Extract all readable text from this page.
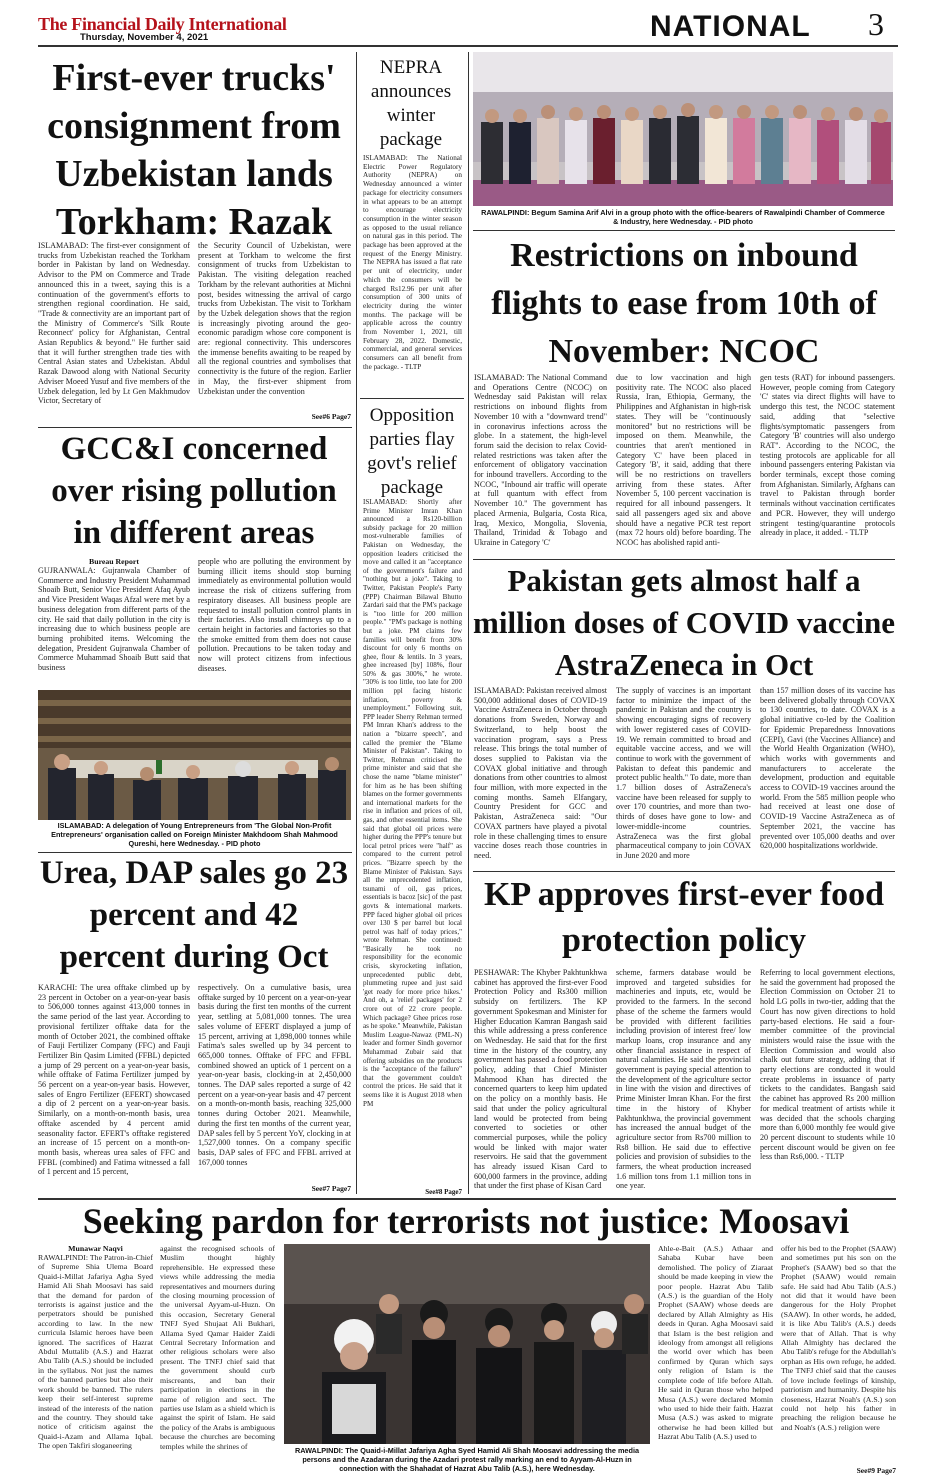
The Financial Daily International
Thursday, November 4, 2021	NATIONAL 3
First-ever trucks' consignment from Uzbekistan lands Torkham: Razak
ISLAMABAD: The first-ever consignment of trucks from Uzbekistan reached the Torkham border in Pakistan by land on Wednesday. Advisor to the PM on Commerce and Trade announced this in a tweet, saying this is a continuation of the government's efforts to strengthen regional coordination. He said, "Trade & connectivity are an important part of the Ministry of Commerce's 'Silk Route Reconnect' policy for Afghanistan, Central Asian Republics & beyond." He further said that it will further strengthen trade ties with Central Asian states and Uzbekistan. Abdul Razak Dawood along with National Security Adviser Moeed Yusuf and five members of the Uzbek delegation, led by Lt Gen Makhmudov Victor, Secretary of
the Security Council of Uzbekistan, were present at Torkham to welcome the first consignment of trucks from Uzbekistan to Pakistan. The visiting delegation reached Torkham by the relevant authorities at Michni post, besides witnessing the arrival of cargo trucks from Uzbekistan. The visit to Torkham by the Uzbek delegation shows that the region is increasingly pivoting around the geo-economic paradigm whose core component is are: regional connectivity. This underscores the immense benefits awaiting to be reaped by all the regional countries and symbolises that connectivity is the future of the region. Earlier in May, the first-ever shipment from Uzbekistan under the convention
See#6 Page7
NEPRA announces winter package
ISLAMABAD: The National Electric Power Regulatory Authority (NEPRA) on Wednesday announced a winter package for electricity consumers in what appears to be an attempt to encourage electricity consumption in the winter season as opposed to the usual reliance on natural gas in this period. The package has been approved at the request of the Energy Ministry. The NEPRA has issued a flat rate per unit of electricity, under which the consumers will be charged Rs12.96 per unit after consumption of 300 units of electricity during the winter months. The package will be applicable across the country from November 1, 2021, till February 28, 2022. Domestic, commercial, and general services consumers can all benefit from the package. - TLTP
Opposition parties flay govt's relief package
ISLAMABAD: Shortly after Prime Minister Imran Khan announced a Rs120-billion subsidy package for 20 million most-vulnerable families of Pakistan on Wednesday, the opposition leaders criticised the move and called it an "acceptance of the government's failure and "nothing but a joke". Taking to Twitter, Pakistan People's Party (PPP) Chairman Bilawal Bhutto Zardari said that the PM's package is "too little for 200 million people." "PM's package is nothing but a joke. PM claims few families will benefit from 30% discount for only 6 months on ghee, flour & lentils. In 3 years, ghee increased [by] 108%, flour 50% & gas 300%," he wrote. "30% is too little, too late for 200 million ppl facing historic inflation, poverty & unemployment." Following suit, PPP leader Sherry Rehman termed PM Imran Khan's address to the nation a "bizarre speech", and called the premier the "Blame Minister of Pakistan". Taking to Twitter, Rehman criticised the prime minister and said that she chose the name "blame minister" for him as he has been shifting blames on the former governments and international markets for the rise in inflation and prices of oil, gas, and other essential items. She said that global oil prices were higher during the PPP's tenure but local petrol prices were "half" as compared to the current petrol prices. "Bizarre speech by the Blame Minister of Pakistan. Says all the unprecedented inflation, tsunami of oil, gas prices, essentials is bacoz [sic] of the past govts & international markets. PPP faced higher global oil prices over 130 $ per barrel but local petrol was half of today prices," wrote Rehman. She continued: "Basically he took no responsibility for the economic crisis, skyrocketing inflation, unprecedented public debt, plummeting rupee and just said 'get ready for more price hikes.' And oh, a 'relief packages' for 2 crore out of 22 crore people. Which package? Ghee prices rose as he spoke." Meanwhile, Pakistan Muslim League-Nawaz (PML-N) leader and former Sindh governor Muhammad Zubair said that offering subsidies on the products is the "acceptance of the failure" that the government couldn't control the prices. He said that it seems like it is August 2018 when PM
See#8 Page7
GCC&I concerned over rising pollution in different areas
Bureau Report
GUJRANWALA: Gujranwala Chamber of Commerce and Industry President Muhammad Shoaib Butt, Senior Vice President Afaq Ayub and Vice President Waqas Afzal were met by a business delegation from different parts of the city. He said that daily pollution in the city is increasing due to which business people are burning prohibited items. Welcoming the delegation, President Gujranwala Chamber of Commerce Muhammad Shoaib Butt said that business
people who are polluting the environment by burning illicit items should stop burning immediately as environmental pollution would increase the risk of citizens suffering from respiratory diseases. All business people are requested to install pollution control plants in their factories. Also install chimneys up to a certain height in factories and factories so that the smoke emitted from them does not cause pollution. Precautions to be taken today and now will protect citizens from infectious diseases.
ISLAMABAD: A delegation of Young Entrepreneurs from 'The Global Non-Profit Entrepreneurs' organisation called on Foreign Minister Makhdoom Shah Mahmood Qureshi, here Wednesday. - PID photo
Urea, DAP sales go 23 percent and 42 percent during Oct
KARACHI: The urea offtake climbed up by 23 percent in October on a year-on-year basis to 506,000 tonnes against 413,000 tonnes in the same period of the last year. According to provisional fertilizer offtake data for the month of October 2021, the combined offtake of Fauji Fertilizer Company (FFC) and Fauji Fertilizer Bin Qasim Limited (FFBL) depicted a jump of 29 percent on a year-on-year basis, while offtake of Fatima Fertilizer jumped by 56 percent on a year-on-year basis. However, sales of Engro Fertilizer (EFERT) showcased a dip of 2 percent on a year-on-year basis. Similarly, on a month-on-month basis, urea offtake ascended by 4 percent amid seasonality factor. EFERT's offtake registered an increase of 15 percent on a month-on-month basis, whereas urea sales of FFC and FFBL (combined) and Fatima witnessed a fall of 1 percent and 15 percent,
respectively. On a cumulative basis, urea offtake surged by 10 percent on a year-on-year basis during the first ten months of the current year, settling at 5,081,000 tonnes. The urea sales volume of EFERT displayed a jump of 15 percent, arriving at 1,898,000 tonnes while Fatima's sales swelled up by 34 percent to 665,000 tonnes. Offtake of FFC and FFBL combined showed an uptick of 1 percent on a year-on-year basis, clocking-in at 2,450,000 tonnes. The DAP sales reported a surge of 42 percent on a year-on-year basis and 47 percent on a month-on-month basis, reaching 325,000 tonnes during October 2021. Meanwhile, during the first ten months of the current year, DAP sales fell by 5 percent YoY, clocking in at 1,527,000 tonnes. On a company specific basis, DAP sales of FFC and FFBL arrived at 167,000 tonnes
See#7 Page7
RAWALPINDI: Begum Samina Arif Alvi in a group photo with the office-bearers of Rawalpindi Chamber of Commerce & Industry, here Wednesday. - PID photo
Restrictions on inbound flights to ease from 10th of November: NCOC
ISLAMABAD: The National Command and Operations Centre (NCOC) on Wednesday said Pakistan will relax restrictions on inbound flights from November 10 with a "downward trend" in coronavirus infections across the globe. In a statement, the high-level forum said the decision to relax Covid-related restrictions was taken after the enforcement of obligatory vaccination for inbound travellers. According to the NCOC, "Inbound air traffic will operate at full quantum with effect from November 10." The government has placed Armenia, Bulgaria, Costa Rica, Iraq, Mexico, Mongolia, Slovenia, Thailand, Trinidad & Tobago and Ukraine in Category 'C'
due to low vaccination and high positivity rate. The NCOC also placed Russia, Iran, Ethiopia, Germany, the Philippines and Afghanistan in high-risk states. They will be "continuously monitored" but no restrictions will be imposed on them. Meanwhile, the countries that aren't mentioned in Category 'C' have been placed in Category 'B', it said, adding that there will be no restrictions on travellers arriving from these states. After November 5, 100 percent vaccination is required for all inbound passengers. It said all passengers aged six and above should have a negative PCR test report (max 72 hours old) before boarding. The NCOC has abolished rapid anti-
gen tests (RAT) for inbound passengers. However, people coming from Category 'C' states via direct flights will have to undergo this test, the NCOC statement said, adding that "selective flights/symptomatic passengers from Category 'B' countries will also undergo RAT". According to the NCOC, the testing protocols are applicable for all inbound passengers entering Pakistan via border terminals, except those coming from Afghanistan. Similarly, Afghans can travel to Pakistan through border terminals without vaccination certificates and PCR. However, they will undergo stringent testing/quarantine protocols already in place, it added. - TLTP
Pakistan gets almost half a million doses of COVID vaccine AstraZeneca in Oct
ISLAMABAD: Pakistan received almost 500,000 additional doses of COVID-19 Vaccine AstraZeneca in October through donations from Sweden, Norway and Switzerland, to help boost the vaccination program, says a Press release. This brings the total number of doses supplied to Pakistan via the COVAX global initiative and through donations from other countries to almost four million, with more expected in the coming months. Sameh Elfangary, Country President for GCC and Pakistan, AstraZeneca said: "Our COVAX partners have played a pivotal role in these challenging times to ensure vaccine doses reach those countries in need.
The supply of vaccines is an important factor to minimize the impact of the pandemic in Pakistan and the country is showing encouraging signs of recovery with lower registered cases of COVID-19. We remain committed to broad and equitable vaccine access, and we will continue to work with the government of Pakistan to defeat this pandemic and protect public health." To date, more than 1.7 billion doses of AstraZeneca's vaccine have been released for supply to over 170 countries, and more than two-thirds of doses have gone to low- and lower-middle-income countries. AstraZeneca was the first global pharmaceutical company to join COVAX in June 2020 and more
than 157 million doses of its vaccine has been delivered globally through COVAX to 130 countries, to date. COVAX is a global initiative co-led by the Coalition for Epidemic Preparedness Innovations (CEPI), Gavi (the Vaccines Alliance) and the World Health Organization (WHO), which works with governments and manufacturers to accelerate the development, production and equitable access to COVID-19 vaccines around the world. From the 585 million people who had received at least one dose of COVID-19 Vaccine AstraZeneca as of September 2021, the vaccine has prevented over 105,000 deaths and over 620,000 hospitalizations worldwide.
KP approves first-ever food protection policy
PESHAWAR: The Khyber Pakhtunkhwa cabinet has approved the first-ever Food Protection Policy and Rs300 million subsidy on fertilizers. The KP government Spokesman and Minister for Higher Education Kamran Bangash said this while addressing a press conference on Wednesday. He said that for the first time in the history of the country, any government has passed a food protection policy, adding that Chief Minister Mahmood Khan has directed the concerned quarters to keep him updated on the policy on a monthly basis. He said that under the policy agricultural land would be protected from being converted to societies or other commercial purposes, while the policy would be linked with major water reservoirs. He said that the government has already issued Kisan Card to 600,000 farmers in the province, adding that under the first phase of Kisan Card
scheme, farmers database would be improved and targeted subsidies for machineries and inputs, etc, would be provided to the farmers. In the second phase of the scheme the farmers would be provided with different facilities including provision of interest free/ low markup loans, crop insurance and any other financial assistance in respect of natural calamities. He said the provincial government is paying special attention to the development of the agriculture sector in line with the vision and directives of Prime Minister Imran Khan. For the first time in the history of Khyber Pakhtunkhwa, the provincial government has increased the annual budget of the agriculture sector from Rs700 million to Rs8 billion. He said due to effective policies and provision of subsidies to the farmers, the wheat production increased 1.6 million tons from 1.1 million tons in one year.
Referring to local government elections, he said the government had proposed the Election Commission on October 21 to hold LG polls in two-tier, adding that the Court has now given directions to hold party-based elections. He said a four-member committee of the provincial ministers would raise the issue with the Election Commission and would also chalk out future strategy, adding that if party elections are conducted it would create problems in issuance of party tickets to the candidates. Bangash said the cabinet has approved Rs 200 million for medical treatment of artists while it was decided that the schools charging more than 6,000 monthly fee would give 20 percent discount to students while 10 percent discount would be given on fee less than Rs6,000. - TLTP
Seeking pardon for terrorists not justice: Moosavi
Munawar Naqvi
RAWALPINDI: The Patron-in-Chief of Supreme Shia Ulema Board Quaid-i-Millat Jafariya Agha Syed Hamid Ali Shah Moosavi has said that the demand for pardon of terrorists is against justice and the perpetrators should be punished according to law. In the new curricula Islamic heroes have been ignored. The sacrifices of Hazrat Abdul Muttalib (A.S.) and Hazrat Abu Talib (A.S.) should be included in the syllabus. Not just the names of the banned parties but also their work should be banned. The rulers keep their self-interest supreme instead of the interests of the nation and the country. They should take notice of criticism against the Quaid-i-Azam and Allama Iqbal. The open Takfiri sloganeering
against the recognised schools of Muslim thought highly reprehensible. He expressed these views while addressing the media representatives and mourners during the closing mourning procession of the universal Ayyam-ul-Huzn. On this occasion, Secretary General TNFJ Syed Shujaat Ali Bukhari, Allama Syed Qamar Haider Zaidi Central Secretary Information and other religious scholars were also present. The TNFJ chief said that the government should curb miscreants, and ban their participation in elections in the name of religion and sect. The parties use Islam as a shield which is against the spirit of Islam. He said the policy of the Arabs is ambiguous because the churches are becoming temples while the shrines of	RAWALPINDI: The Quaid-i-Millat Jafariya Agha Syed Hamid Ali Shah Moosavi addressing the media persons and the Azadaran during the Azadari protest rally marking an end to Ayyam-Al-Huzn in connection with the Shahadat of Hazrat Abu Talib (A.S.), here Wednesday.
Ahle-e-Bait (A.S.) Athaar and Sahaba Kubar have been demolished. The policy of Ziaraat should be made keeping in view the poor people. Hazrat Abu Talib (A.S.) is the guardian of the Holy Prophet (SAAW) whose deeds are declared by Allah Almighty as His deeds in Quran. Agha Moosavi said that Islam is the best religion and ideology from amongst all religions the world over which has been confirmed by Quran which says only religion of Islam is the complete code of life before Allah. He said in Quran those who helped Musa (A.S.) were declared Momin who used to hide their faith. Hazrat Musa (A.S.) was asked to migrate otherwise he had been killed but Hazrat Abu Talib (A.S.) used to
offer his bed to the Prophet (SAAW) and sometimes put his son on the Prophet's (SAAW) bed so that the Prophet (SAAW) would remain safe. He said had Abu Talib (A.S.) not did that it would have been dangerous for the Holy Prophet (SAAW). In other words, he added, it is like Abu Talib's (A.S.) deeds were that of Allah. That is why Allah Almighty has declared the Abu Talib's refuge for the Abdullah's orphan as His own refuge, he added. The TNFJ chief said that the causes of love include feelings of kinship, patriotism and humanity. Despite his closeness, Hazrat Noah's (A.S.) son could not help his father in preaching the religion because he and Noah's (A.S.) religion were
See#9 Page7
